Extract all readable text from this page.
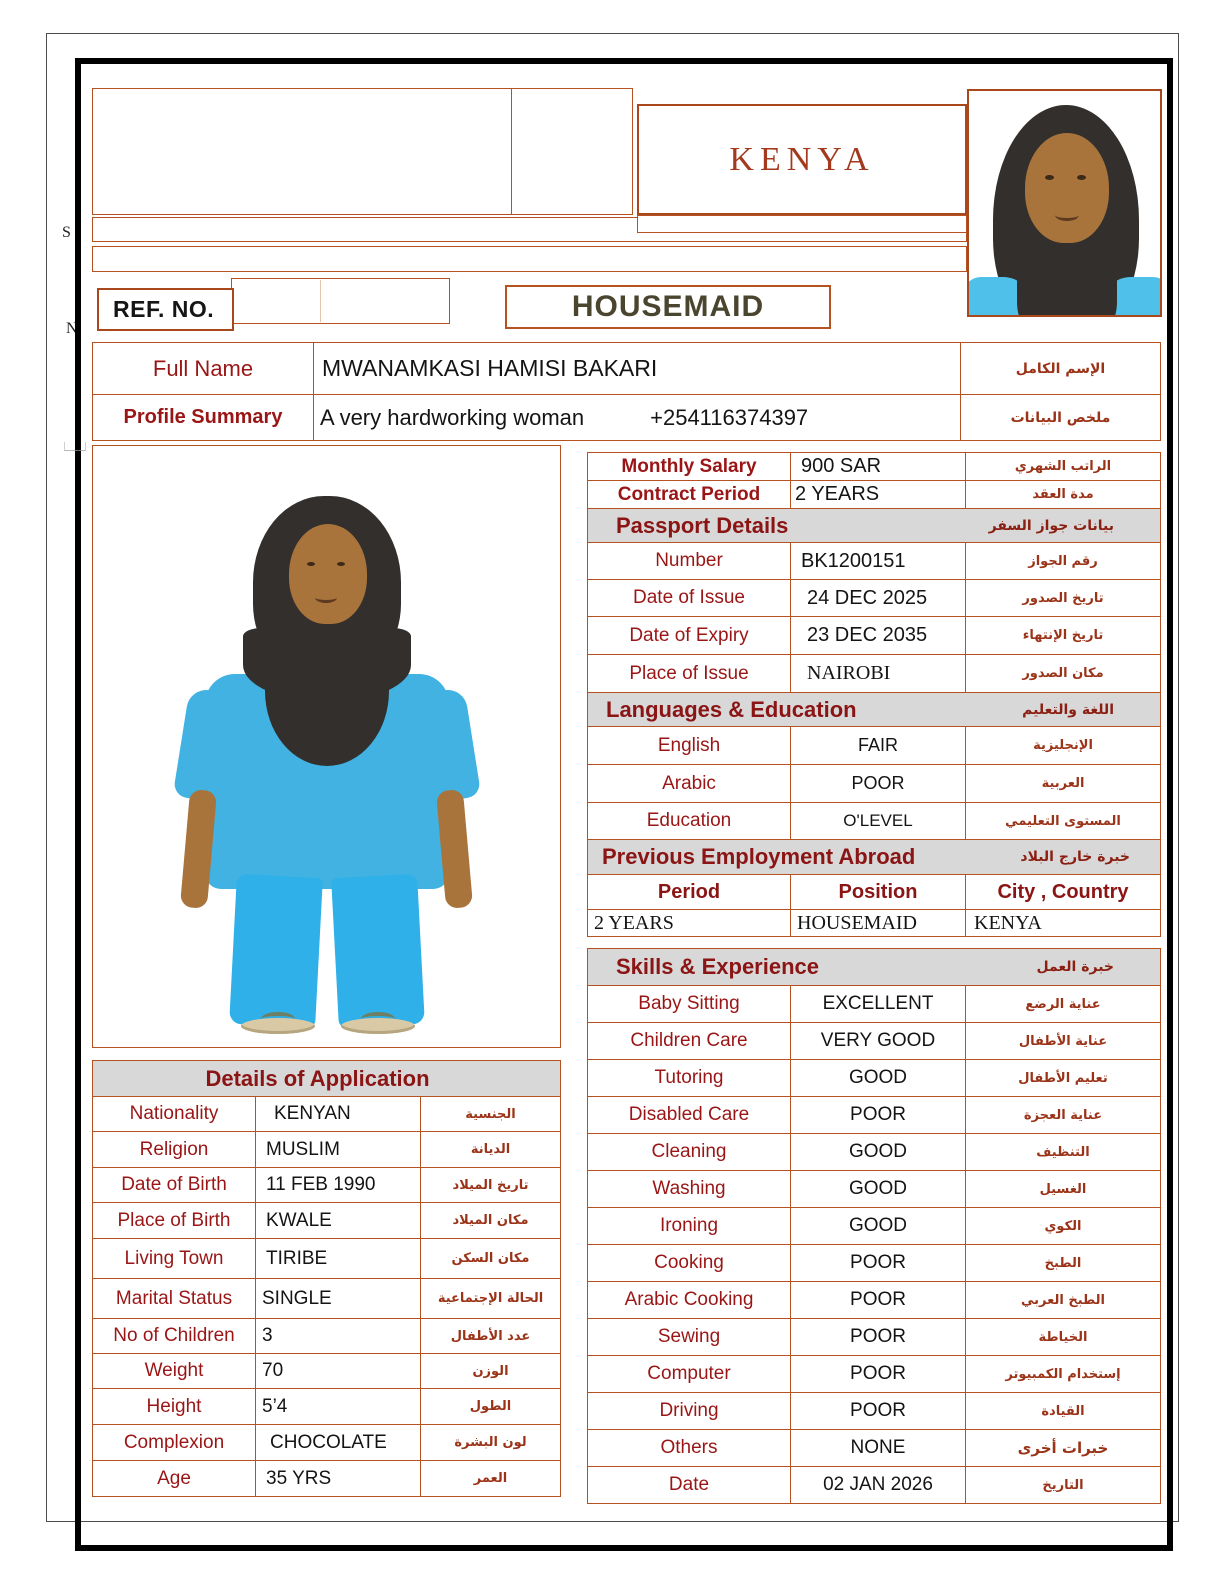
S
N
KENYA
REF. NO.	HOUSEMAID
Full Name	MWANAMKASI HAMISI BAKARI	الإسم الكامل
Profile Summary	A very hardworking woman +254116374397	ملخص البيانات
Monthly Salary	900 SAR	الراتب الشهري
Contract Period	2 YEARS	مدة العقد

Passport Details بيانات جواز السفر		

Number	BK1200151	رقم الجواز
Date of Issue	24 DEC 2025	تاريخ الصدور
Date of Expiry	23 DEC 2035	تاريخ الإنتهاء
Place of Issue	NAIROBI	مكان الصدور

Languages & Education اللغة والتعليم		

English	FAIR	الإنجليزية
Arabic	POOR	العربية
Education	O'LEVEL	المستوى التعليمي

Previous Employment Abroad خبرة خارج البلاد		

Period	Position	City , Country
2 YEARS	HOUSEMAID	KENYA
Skills & Experience خبرة العمل		

Baby Sitting	EXCELLENT	عناية الرضع
Children Care	VERY GOOD	عناية الأطفال
Tutoring	GOOD	تعليم الأطفال
Disabled Care	POOR	عناية العجزة
Cleaning	GOOD	التنظيف
Washing	GOOD	الغسيل
Ironing	GOOD	الكوي
Cooking	POOR	الطبخ
Arabic Cooking	POOR	الطبخ العربي
Sewing	POOR	الخياطة
Computer	POOR	إستخدام الكمبيوتر
Driving	POOR	القيادة
Others	NONE	خبرات أخرى
Date	02 JAN 2026	التاريخ
Details of Application		

Nationality	KENYAN	الجنسية
Religion	MUSLIM	الديانة
Date of Birth	11 FEB 1990	تاريخ الميلاد
Place of Birth	KWALE	مكان الميلاد
Living Town	TIRIBE	مكان السكن
Marital Status	SINGLE	الحالة الإجتماعية
No of Children	3	عدد الأطفال
Weight	70	الوزن
Height	5’4	الطول
Complexion	CHOCOLATE	لون البشرة
Age	35 YRS	العمر
